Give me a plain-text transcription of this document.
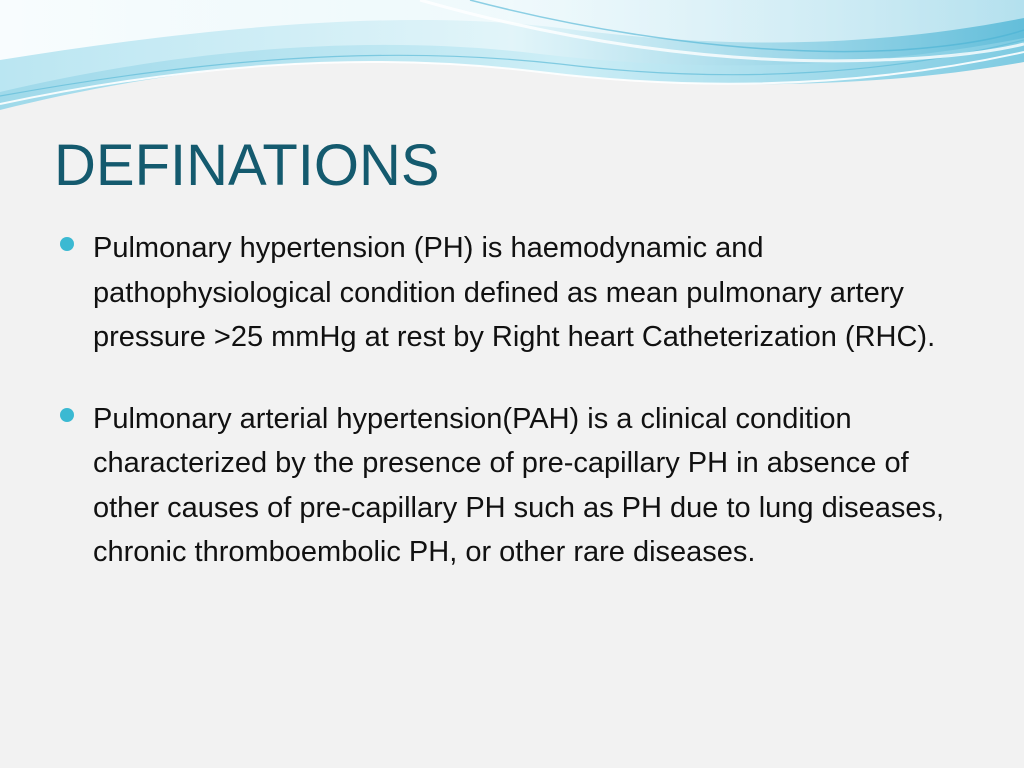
DEFINATIONS
Pulmonary hypertension (PH) is haemodynamic and pathophysiological condition defined as mean pulmonary artery pressure >25 mmHg at rest by Right heart Catheterization (RHC).
Pulmonary arterial hypertension(PAH) is a clinical condition characterized by the presence of pre-capillary PH in absence of other causes of pre-capillary PH such as PH due to lung diseases, chronic thromboembolic PH, or other rare diseases.
